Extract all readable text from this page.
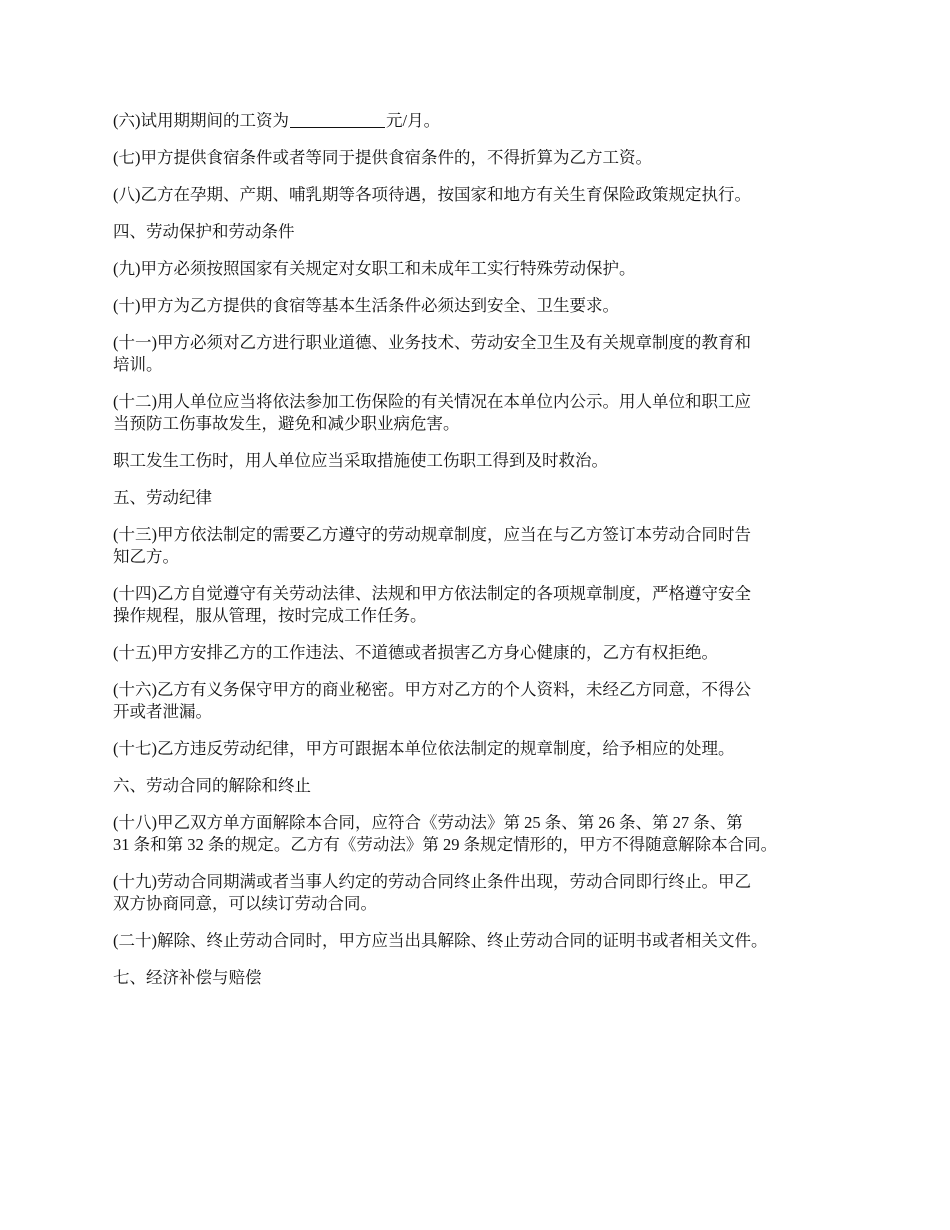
(六)试用期期间的工资为	元/月。

(七)甲方提供食宿条件或者等同于提供食宿条件的，不得折算为乙方工资。

(八)乙方在孕期、产期、哺乳期等各项待遇，按国家和地方有关生育保险政策规定执行。

四、劳动保护和劳动条件

(九)甲方必须按照国家有关规定对女职工和未成年工实行特殊劳动保护。

(十)甲方为乙方提供的食宿等基本生活条件必须达到安全、卫生要求。

(十一)甲方必须对乙方进行职业道德、业务技术、劳动安全卫生及有关规章制度的教育和
培训。

(十二)用人单位应当将依法参加工伤保险的有关情况在本单位内公示。用人单位和职工应
当预防工伤事故发生，避免和减少职业病危害。

职工发生工伤时，用人单位应当采取措施使工伤职工得到及时救治。

五、劳动纪律

(十三)甲方依法制定的需要乙方遵守的劳动规章制度，应当在与乙方签订本劳动合同时告
知乙方。

(十四)乙方自觉遵守有关劳动法律、法规和甲方依法制定的各项规章制度，严格遵守安全
操作规程，服从管理，按时完成工作任务。

(十五)甲方安排乙方的工作违法、不道德或者损害乙方身心健康的，乙方有权拒绝。

(十六)乙方有义务保守甲方的商业秘密。甲方对乙方的个人资料，未经乙方同意，不得公
开或者泄漏。

(十七)乙方违反劳动纪律，甲方可跟据本单位依法制定的规章制度，给予相应的处理。

六、劳动合同的解除和终止

(十八)甲乙双方单方面解除本合同，应符合《劳动法》第 25 条、第 26 条、第 27 条、第
31 条和第 32 条的规定。乙方有《劳动法》第 29 条规定情形的，甲方不得随意解除本合同。

(十九)劳动合同期满或者当事人约定的劳动合同终止条件出现，劳动合同即行终止。甲乙
双方协商同意，可以续订劳动合同。

(二十)解除、终止劳动合同时，甲方应当出具解除、终止劳动合同的证明书或者相关文件。

七、经济补偿与赔偿
